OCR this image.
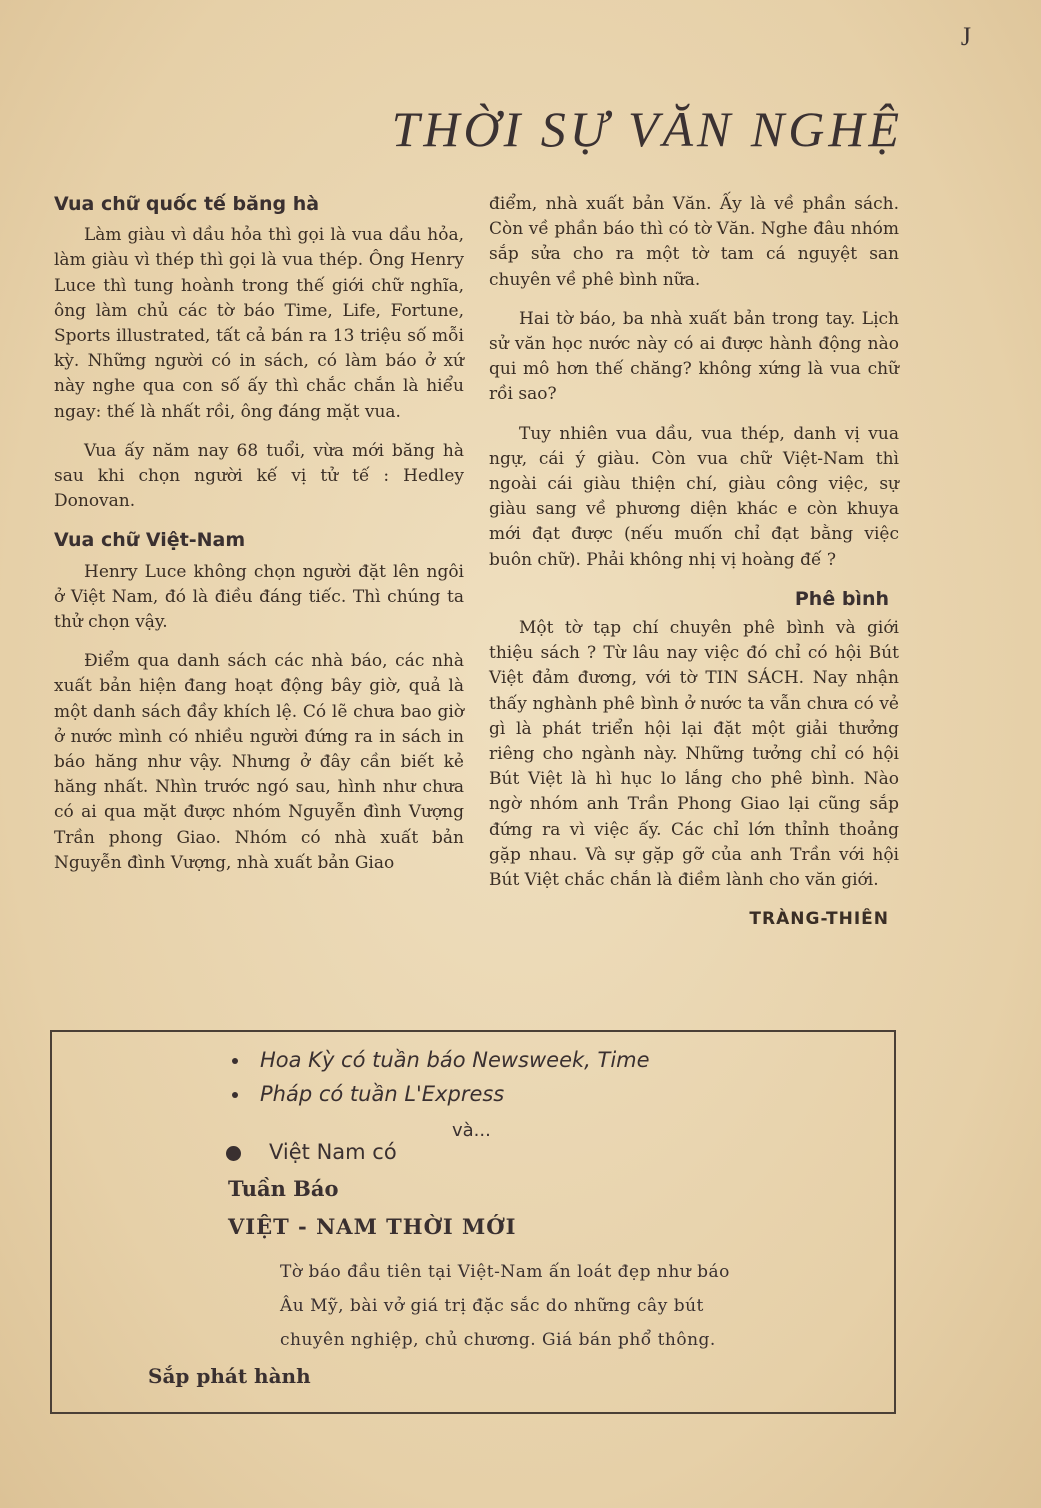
J
THỜI SỰ VĂN NGHỆ
Vua chữ quốc tế băng hà

Làm giàu vì dầu hỏa thì gọi là vua dầu hỏa, làm giàu vì thép thì gọi là vua thép. Ông Henry Luce thì tung hoành trong thế giới chữ nghĩa, ông làm chủ các tờ báo Time, Life, Fortune, Sports illustrated, tất cả bán ra 13 triệu số mỗi kỳ. Những người có in sách, có làm báo ở xứ này nghe qua con số ấy thì chắc chắn là hiểu ngay: thế là nhất rồi, ông đáng mặt vua.

Vua ấy năm nay 68 tuổi, vừa mới băng hà sau khi chọn người kế vị tử tế : Hedley Donovan.

Vua chữ Việt-Nam

Henry Luce không chọn người đặt lên ngôi ở Việt Nam, đó là điều đáng tiếc. Thì chúng ta thử chọn vậy.

Điểm qua danh sách các nhà báo, các nhà xuất bản hiện đang hoạt động bây giờ, quả là một danh sách đầy khích lệ. Có lẽ chưa bao giờ ở nước mình có nhiều người đứng ra in sách in báo hăng như vậy. Nhưng ở đây cần biết kẻ hăng nhất. Nhìn trước ngó sau, hình như chưa có ai qua mặt được nhóm Nguyễn đình Vượng Trần phong Giao. Nhóm có nhà xuất bản Nguyễn đình Vượng, nhà xuất bản Giao

điểm, nhà xuất bản Văn. Ấy là về phần sách. Còn về phần báo thì có tờ Văn. Nghe đâu nhóm sắp sửa cho ra một tờ tam cá nguyệt san chuyên về phê bình nữa.

Hai tờ báo, ba nhà xuất bản trong tay. Lịch sử văn học nước này có ai được hành động nào qui mô hơn thế chăng? không xứng là vua chữ rồi sao?

Tuy nhiên vua dầu, vua thép, danh vị vua ngự, cái ý giàu. Còn vua chữ Việt-Nam thì ngoài cái giàu thiện chí, giàu công việc, sự giàu sang về phương diện khác e còn khuya mới đạt được (nếu muốn chỉ đạt bằng việc buôn chữ). Phải không nhị vị hoàng đế ?

Phê bình

Một tờ tạp chí chuyên phê bình và giới thiệu sách ? Từ lâu nay việc đó chỉ có hội Bút Việt đảm đương, với tờ TIN SÁCH. Nay nhận thấy nghành phê bình ở nước ta vẫn chưa có vẻ gì là phát triển hội lại đặt một giải thưởng riêng cho ngành này. Những tưởng chỉ có hội Bút Việt là hì hục lo lắng cho phê bình. Nào ngờ nhóm anh Trần Phong Giao lại cũng sắp đứng ra vì việc ấy. Các chỉ lớn thỉnh thoảng gặp nhau. Và sự gặp gỡ của anh Trần với hội Bút Việt chắc chắn là điềm lành cho văn giới.

TRÀNG-THIÊN
Hoa Kỳ có tuần báo Newsweek, Time
Pháp có tuần L'Express
và...
Việt Nam có
Tuần Báo
VIỆT - NAM THỜI MỚI
Tờ báo đầu tiên tại Việt-Nam ấn loát đẹp như báo
Âu Mỹ, bài vở giá trị đặc sắc do những cây bút
chuyên nghiệp, chủ chương. Giá bán phổ thông.
Sắp phát hành
